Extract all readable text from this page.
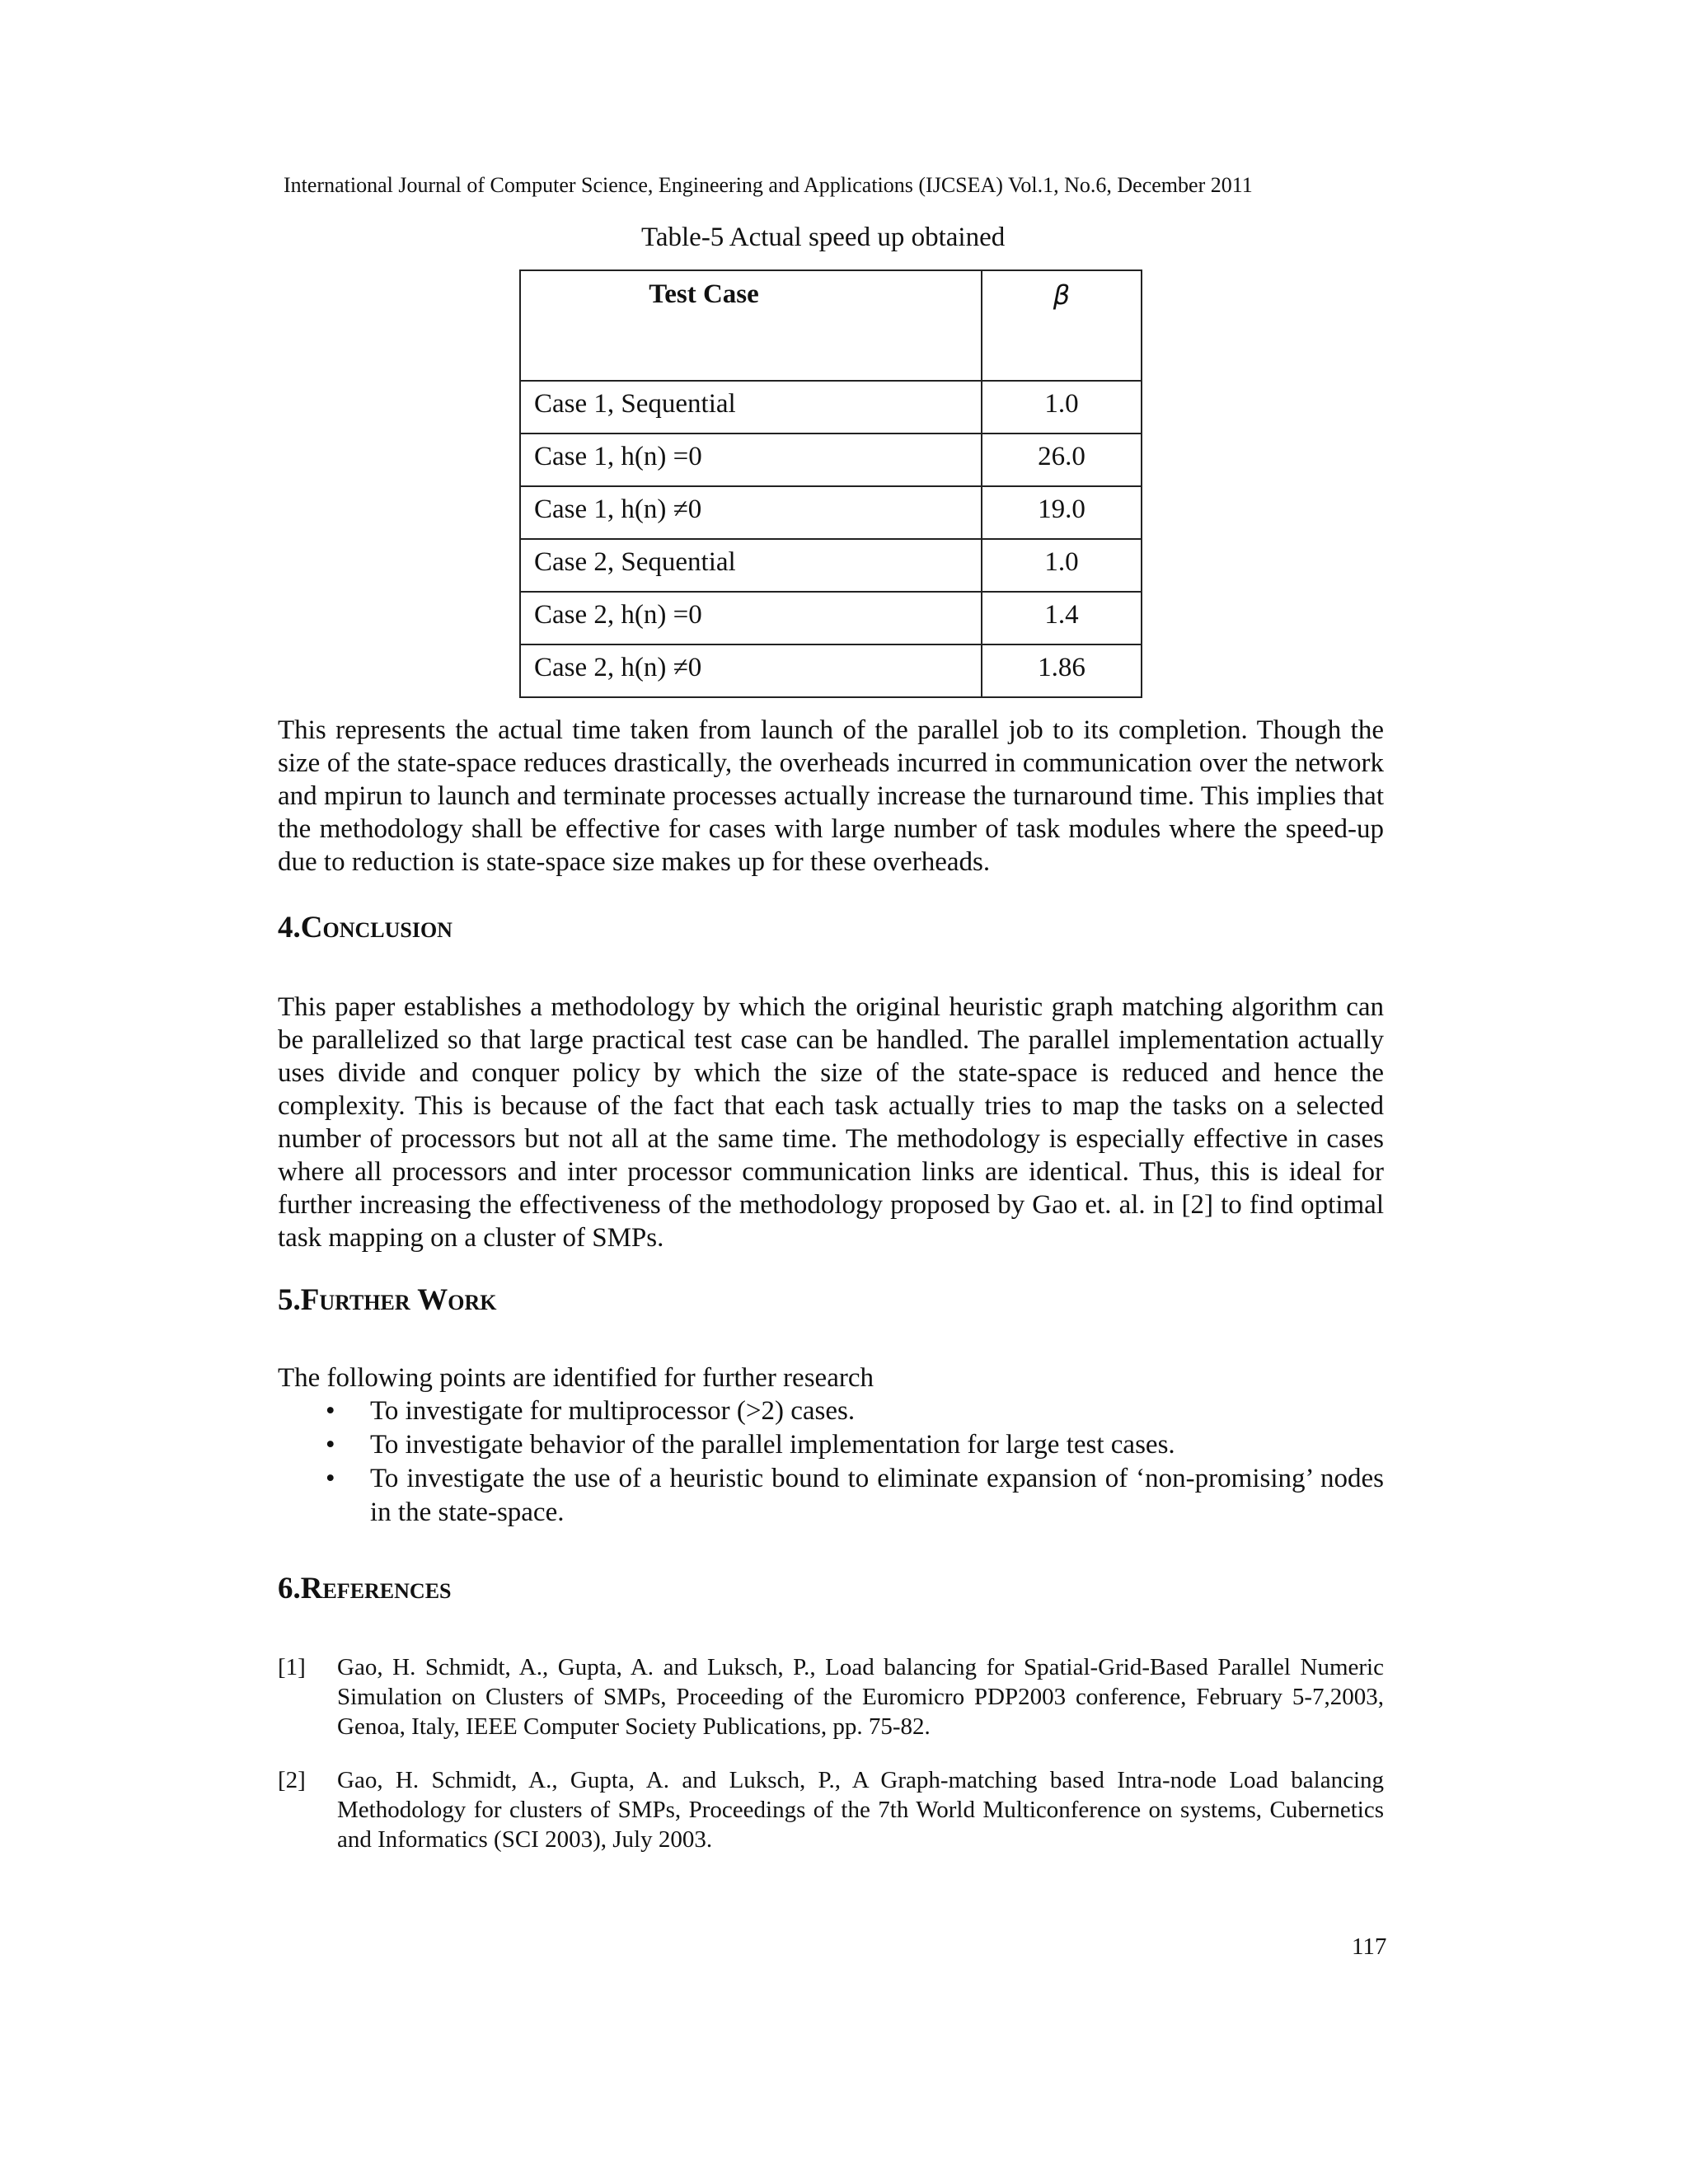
International Journal of Computer Science, Engineering and Applications (IJCSEA) Vol.1, No.6, December 2011
Table-5 Actual speed up obtained
Test Case	β
Case 1, Sequential	1.0
Case 1, h(n) =0	26.0
Case 1, h(n) ≠0	19.0
Case 2, Sequential	1.0
Case 2, h(n) =0	1.4
Case 2, h(n) ≠0	1.86

This represents the actual time taken from launch of the parallel job to its completion. Though the size of the state-space reduces drastically, the overheads incurred in communication over the network and mpirun to launch and terminate processes actually increase the turnaround time. This implies that the methodology shall be effective for cases with large number of task modules where the speed-up due to reduction is state-space size makes up for these overheads.

4.Conclusion

This paper establishes a methodology by which the original heuristic graph matching algorithm can be parallelized so that large practical test case can be handled. The parallel implementation actually uses divide and conquer policy by which the size of the state-space is reduced and hence the complexity. This is because of the fact that each task actually tries to map the tasks on a selected number of processors but not all at the same time. The methodology is especially effective in cases where all processors and inter processor communication links are identical. Thus, this is ideal for further increasing the effectiveness of the methodology proposed by Gao et. al. in [2] to find optimal task mapping on a cluster of SMPs.

5.Further Work

The following points are identified for further research

• To investigate for multiprocessor (>2) cases.
• To investigate behavior of the parallel implementation for large test cases.
• To investigate the use of a heuristic bound to eliminate expansion of ‘non-promising’ nodes in the state-space.
6.References
[1] Gao, H. Schmidt, A., Gupta, A. and Luksch, P., Load balancing for Spatial-Grid-Based Parallel Numeric Simulation on Clusters of SMPs, Proceeding of the Euromicro PDP2003 conference, February 5-7,2003, Genoa, Italy, IEEE Computer Society Publications, pp. 75-82.
[2] Gao, H. Schmidt, A., Gupta, A. and Luksch, P., A Graph-matching based Intra-node Load balancing Methodology for clusters of SMPs, Proceedings of the 7th World Multiconference on systems, Cubernetics and Informatics (SCI 2003), July 2003.
117
